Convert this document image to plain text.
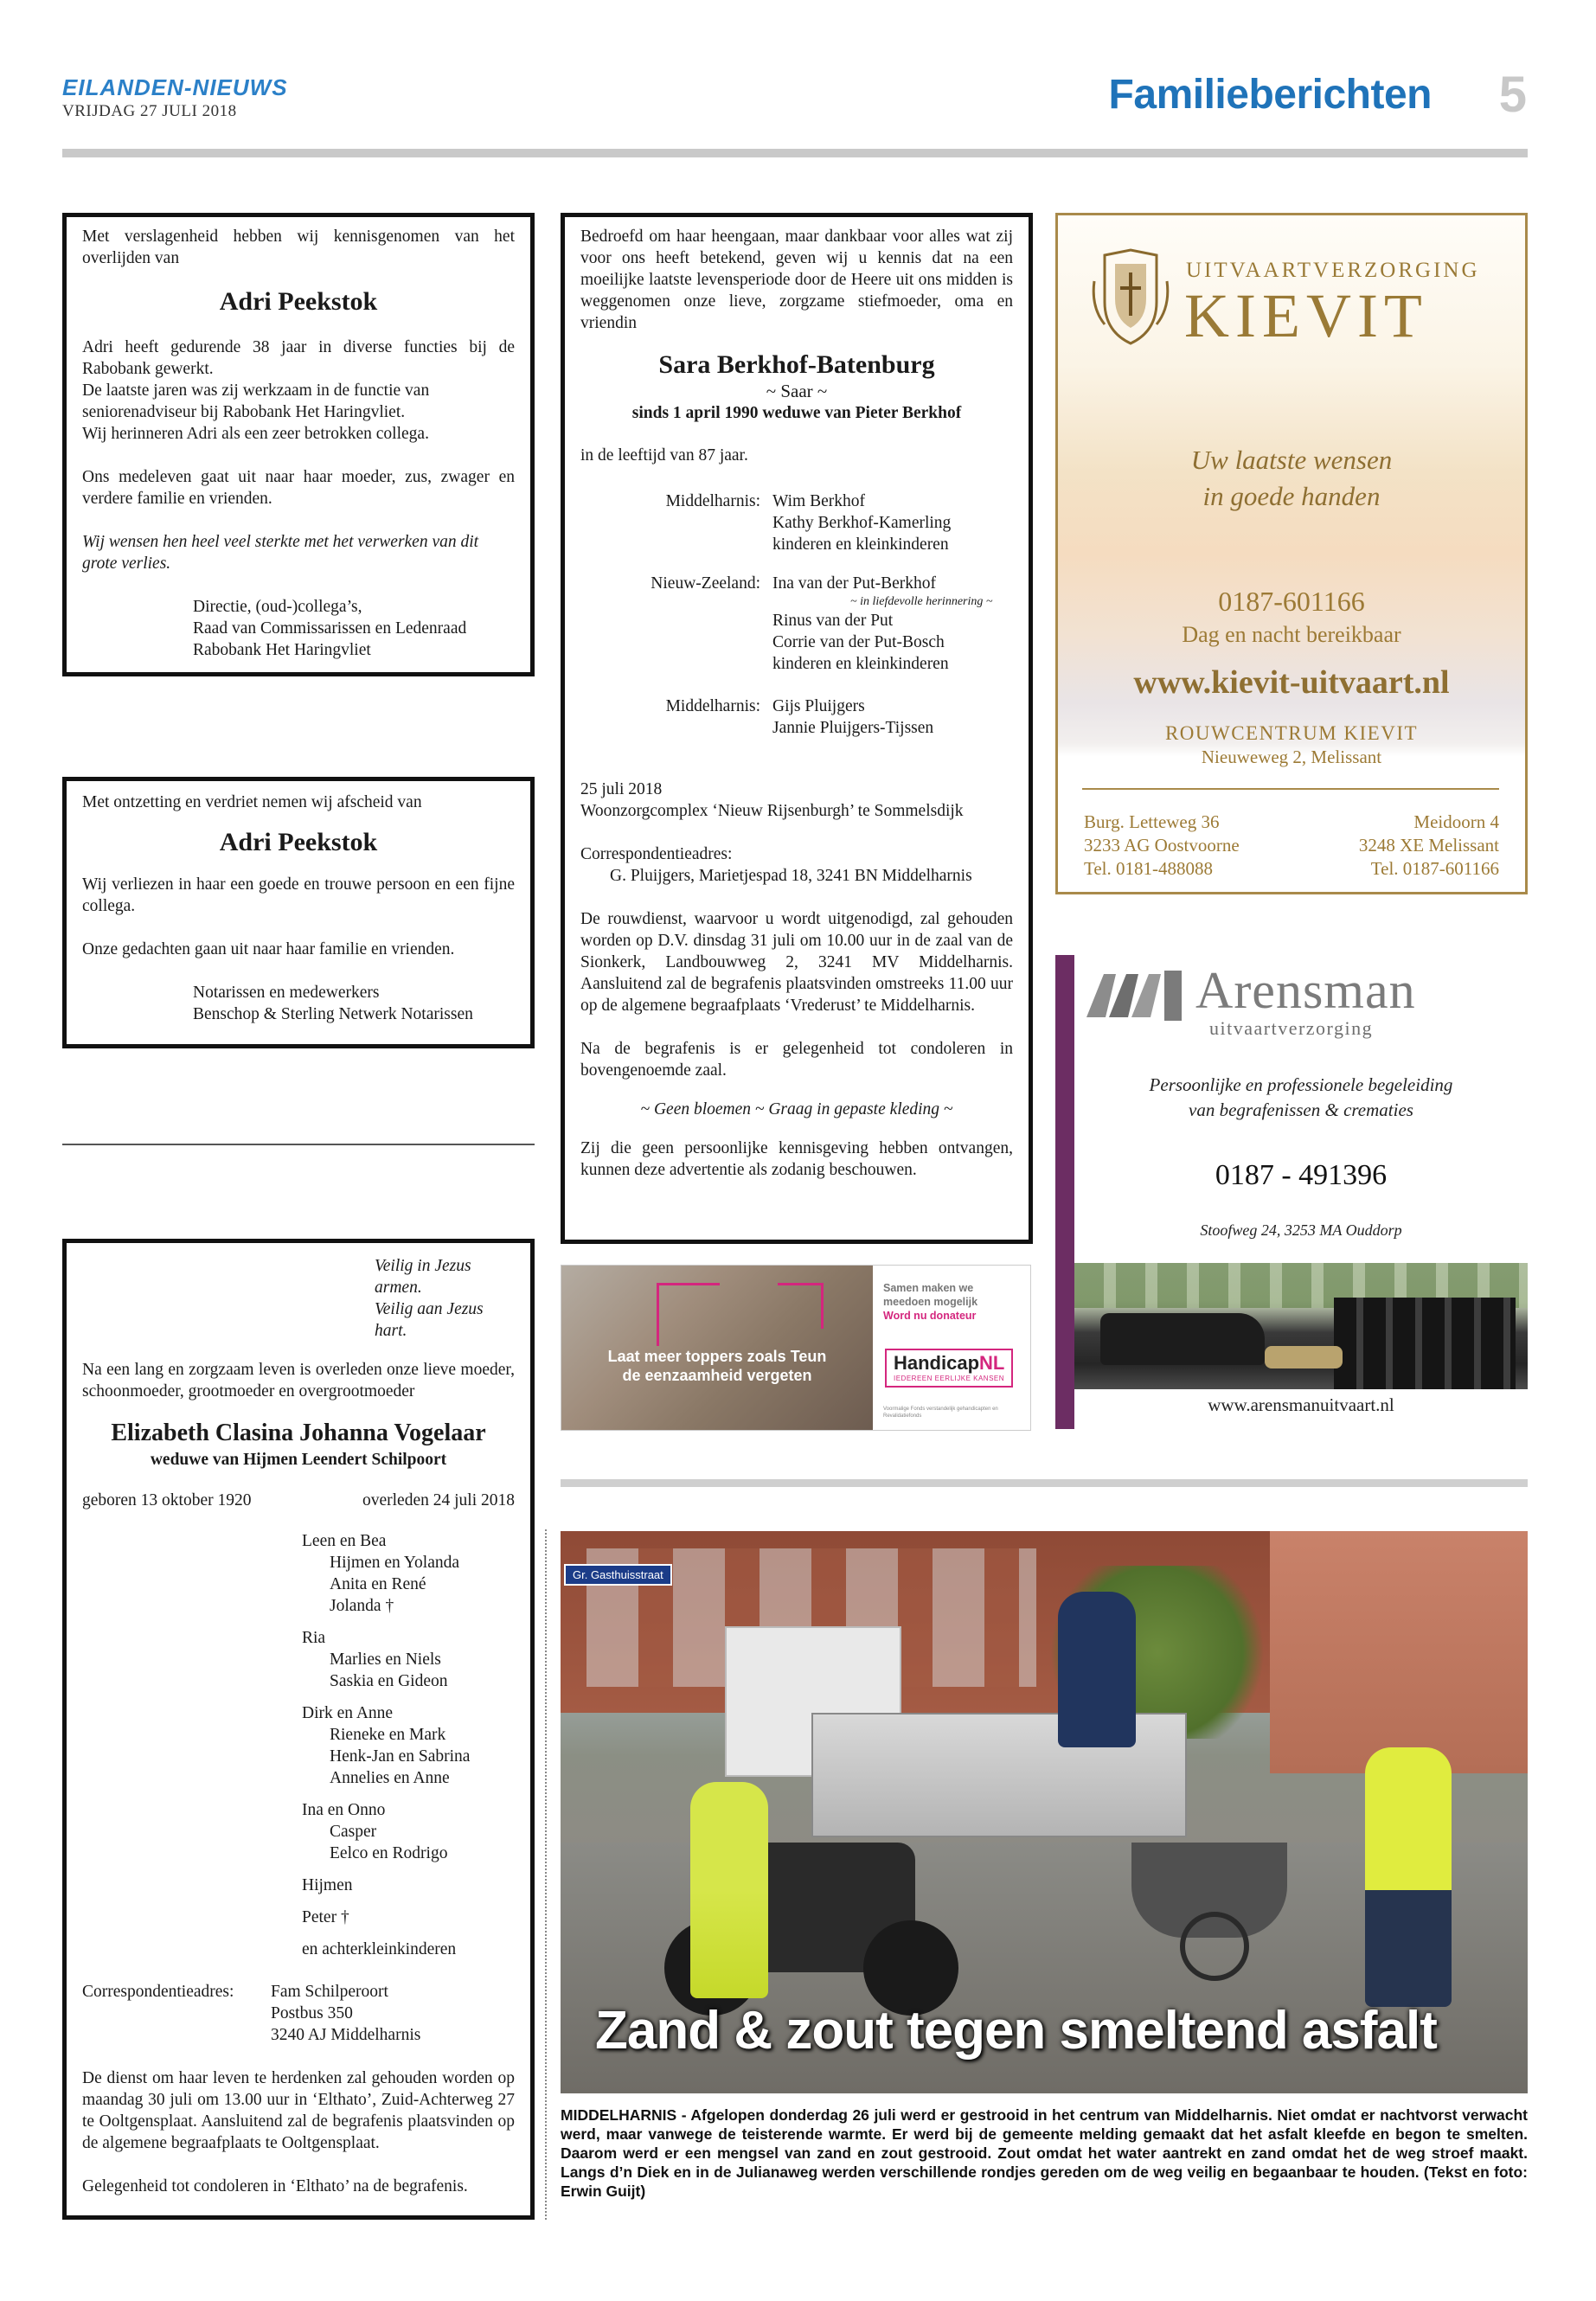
EILANDEN-NIEUWS
VRIJDAG 27 JULI 2018	Familieberichten 5

Met verslagenheid hebben wij kennisgenomen van het overlijden van

Adri Peekstok

Adri heeft gedurende 38 jaar in diverse functies bij de Rabobank gewerkt.

De laatste jaren was zij werkzaam in de functie van seniorenadviseur bij Rabobank Het Haringvliet.

Wij herinneren Adri als een zeer betrokken collega.

Ons medeleven gaat uit naar haar moeder, zus, zwager en verdere familie en vrienden.

Wij wensen hen heel veel sterkte met het verwerken van dit grote verlies.

Directie, (oud-)collega’s,

Raad van Commissarissen en Ledenraad

Rabobank Het Haringvliet

Met ontzetting en verdriet nemen wij afscheid van

Adri Peekstok

Wij verliezen in haar een goede en trouwe persoon en een fijne collega.

Onze gedachten gaan uit naar haar familie en vrienden.

Notarissen en medewerkers

Benschop & Sterling Netwerk Notarissen

Veilig in Jezus armen.

Veilig aan Jezus hart.

Na een lang en zorgzaam leven is overleden onze lieve moeder, schoonmoeder, grootmoeder en overgrootmoeder

Elizabeth Clasina Johanna Vogelaar

weduwe van Hijmen Leendert Schilpoort

geboren 13 oktober 1920	overleden 24 juli 2018

Leen en Bea

Hijmen en Yolanda

Anita en René

Jolanda †

Ria

Marlies en Niels

Saskia en Gideon

Dirk en Anne

Rieneke en Mark

Henk-Jan en Sabrina

Annelies en Anne

Ina en Onno

Casper

Eelco en Rodrigo

Hijmen

Peter †

en achterkleinkinderen

Correspondentieadres:	Fam Schilperoort

Postbus 350

3240 AJ Middelharnis

De dienst om haar leven te herdenken zal gehouden worden op maandag 30 juli om 13.00 uur in ‘Elthato’, Zuid-Achterweg 27 te Ooltgensplaat. Aansluitend zal de begrafenis plaatsvinden op de algemene begraafplaats te Ooltgensplaat.

Gelegenheid tot condoleren in ‘Elthato’ na de begrafenis.

Bedroefd om haar heengaan, maar dankbaar voor alles wat zij voor ons heeft betekend, geven wij u kennis dat na een moeilijke laatste levensperiode door de Heere uit ons midden is weggenomen onze lieve, zorgzame stiefmoeder, oma en vriendin

Sara Berkhof-Batenburg

~ Saar ~

sinds 1 april 1990 weduwe van Pieter Berkhof

in de leeftijd van 87 jaar.

Middelharnis: Wim Berkhof

Kathy Berkhof-Kamerling

kinderen en kleinkinderen

Nieuw-Zeeland: Ina van der Put-Berkhof

~ in liefdevolle herinnering ~

Rinus van der Put

Corrie van der Put-Bosch

kinderen en kleinkinderen

Middelharnis: Gijs Pluijgers

Jannie Pluijgers-Tijssen

25 juli 2018

Woonzorgcomplex ‘Nieuw Rijsenburgh’ te Sommelsdijk

Correspondentieadres:

G. Pluijgers, Marietjespad 18, 3241 BN Middelharnis

De rouwdienst, waarvoor u wordt uitgenodigd, zal gehouden worden op D.V. dinsdag 31 juli om 10.00 uur in de zaal van de Sionkerk, Landbouwweg 2, 3241 MV Middelharnis. Aansluitend zal de begrafenis plaatsvinden omstreeks 11.00 uur op de algemene begraafplaats ‘Vrederust’ te Middelharnis.

Na de begrafenis is er gelegenheid tot condoleren in bovengenoemde zaal.

~ Geen bloemen ~ Graag in gepaste kleding ~

Zij die geen persoonlijke kennisgeving hebben ontvangen, kunnen deze advertentie als zodanig beschouwen.

Laat meer toppers zoals Teun
de eenzaamheid vergeten
Samen maken we
meedoen mogelijk
Word nu donateur
HandicapNL
IEDEREEN EERLIJKE KANSEN
Voormalige Fonds verstandelijk gehandicapten en Revalidatiefonds
UITVAARTVERZORGING
KIEVIT
Uw laatste wensen
in goede handen
0187-601166
Dag en nacht bereikbaar
www.kievit-uitvaart.nl
ROUWCENTRUM KIEVIT
Nieuweweg 2, Melissant
Burg. Letteweg 36
3233 AG Oostvoorne
Tel. 0181-488088
Meidoorn 4
3248 XE Melissant
Tel. 0187-601166
Arensman
uitvaartverzorging
Persoonlijke en professionele begeleiding
van begrafenissen & crematies
0187 - 491396
Stoofweg 24, 3253 MA Ouddorp
www.arensmanuitvaart.nl
Gr. Gasthuisstraat
Zand & zout tegen smeltend asfalt
MIDDELHARNIS - Afgelopen donderdag 26 juli werd er gestrooid in het centrum van Middelharnis. Niet omdat er nachtvorst verwacht werd, maar vanwege de teisterende warmte. Er werd bij de gemeente melding gemaakt dat het asfalt kleefde en begon te smelten. Daarom werd er een mengsel van zand en zout gestrooid. Zout omdat het water aantrekt en zand omdat het de weg stroef maakt. Langs d’n Diek en in de Julianaweg werden verschillende rondjes gereden om de weg veilig en begaanbaar te houden. (Tekst en foto: Erwin Guijt)
